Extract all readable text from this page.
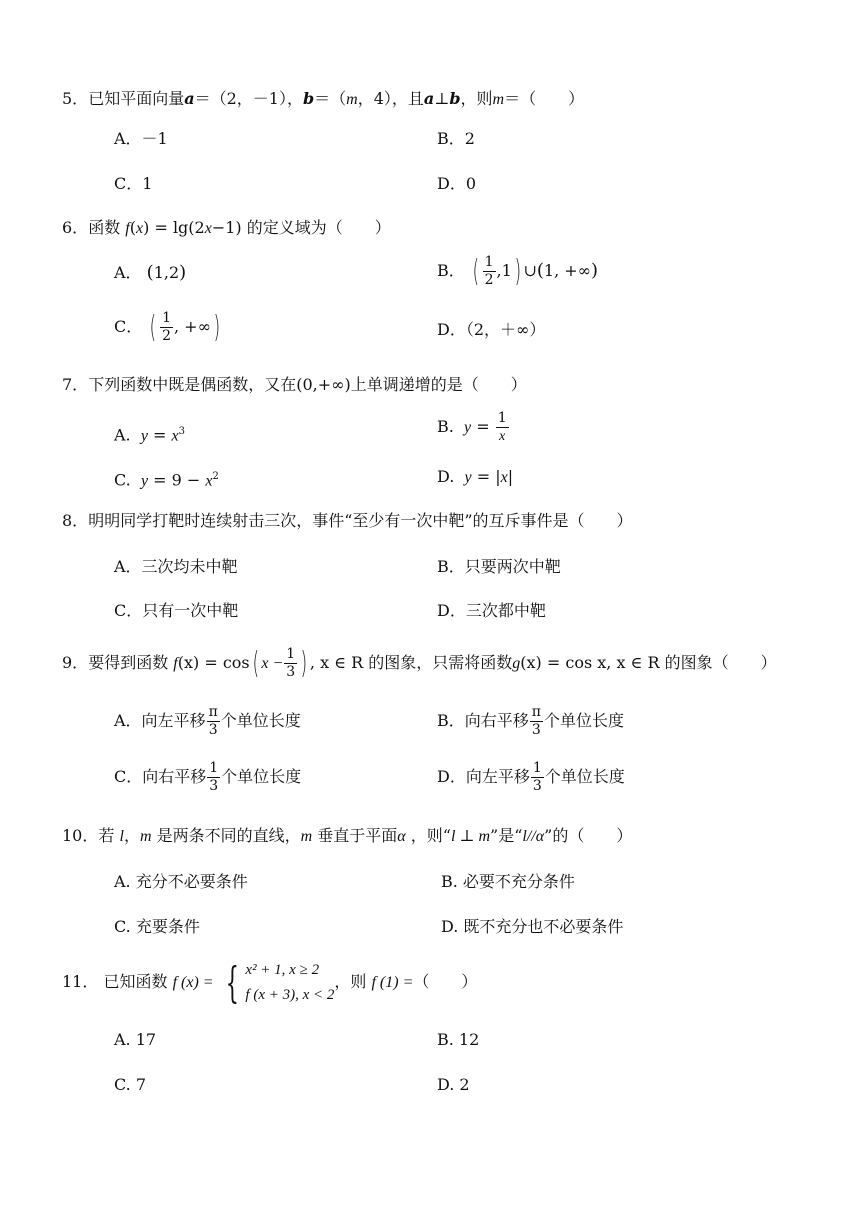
5．已知平面向量a＝（2，－1），b＝（m，4），且a⊥b，则m＝（　　）
A．－1	B．2
C．1	D．0
6．函数 f(x) = lg(2x−1) 的定义域为（　　）
A． (1,2)	B． ( $\frac{1}{2} ,1$) ∪(1, +∞)
C． ( $\frac{1}{2}$ , +∞)	D．（2，＋∞）
7．下列函数中既是偶函数，又在(0,+∞)上单调递增的是（　　）
A. $y = x^3$	B. $y = \frac{1}{x}$
C. $y = 9 - x^2$	D. y = |x|
8．明明同学打靶时连续射击三次，事件“至少有一次中靶”的互斥事件是（　　）
A．三次均未中靶	B．只要两次中靶
C．只有一次中靶	D．三次都中靶
9．要得到函数 f(x) = cos( $x - \frac{1}{3}$ ) , x ∈ R 的图象，只需将函数g(x) = cos x, x ∈ R 的图象（　　）
A．向左平移 $\frac{\pi}{3}$ 个单位长度	B．向右平移 $\frac{\pi}{3}$ 个单位长度
C．向右平移 $\frac{1}{3}$ 个单位长度	D．向左平移 $\frac{1}{3}$ 个单位长度
10．若 l，m 是两条不同的直线，m 垂直于平面α ，则“l ⊥ m”是“l//α”的（　　）
A. 充分不必要条件	B. 必要不充分条件
C. 充要条件	D. 既不充分也不必要条件
11． 已知函数 f (x) = { x² + 1, x ≥ 2
f (x + 3), x < 2
，则 f (1) =（　　）
A. 17	B. 12
C. 7	D. 2
